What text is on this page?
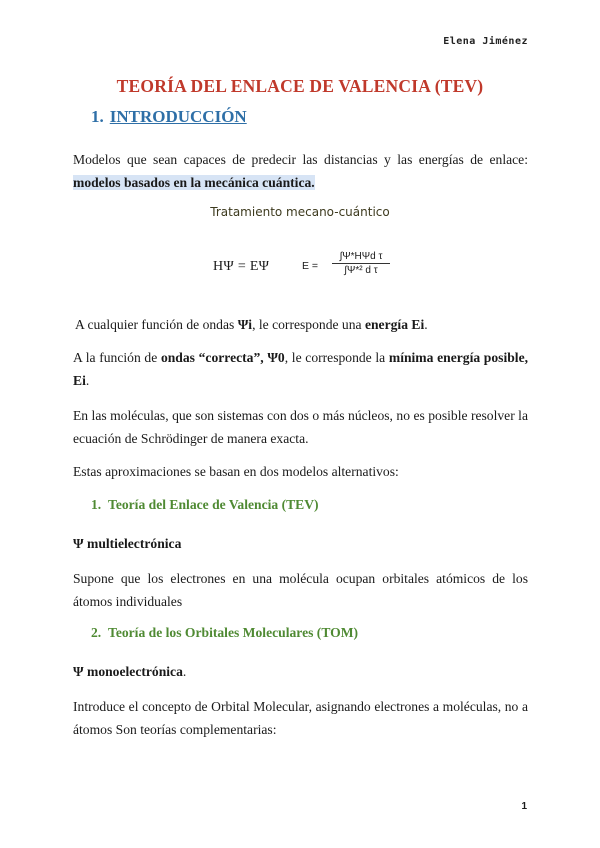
Elena Jiménez
TEORÍA DEL ENLACE DE VALENCIA (TEV)
1. INTRODUCCIÓN
Modelos que sean capaces de predecir las distancias y las energías de enlace: modelos basados en la mecánica cuántica.
Tratamiento mecano-cuántico
ΗΨ = EΨ	E =
∫Ψ*HΨd τ
∫Ψ*² d τ
A cualquier función de ondas Ψi, le corresponde una energía Ei.
A la función de ondas “correcta”, Ψ0, le corresponde la mínima energía posible, Ei.
En las moléculas, que son sistemas con dos o más núcleos, no es posible resolver la ecuación de Schrödinger de manera exacta.
Estas aproximaciones se basan en dos modelos alternativos:
1. Teoría del Enlace de Valencia (TEV)
Ψ multielectrónica
Supone que los electrones en una molécula ocupan orbitales atómicos de los átomos individuales
2. Teoría de los Orbitales Moleculares (TOM)
Ψ monoelectrónica.
Introduce el concepto de Orbital Molecular, asignando electrones a moléculas, no a átomos Son teorías complementarias:
1
